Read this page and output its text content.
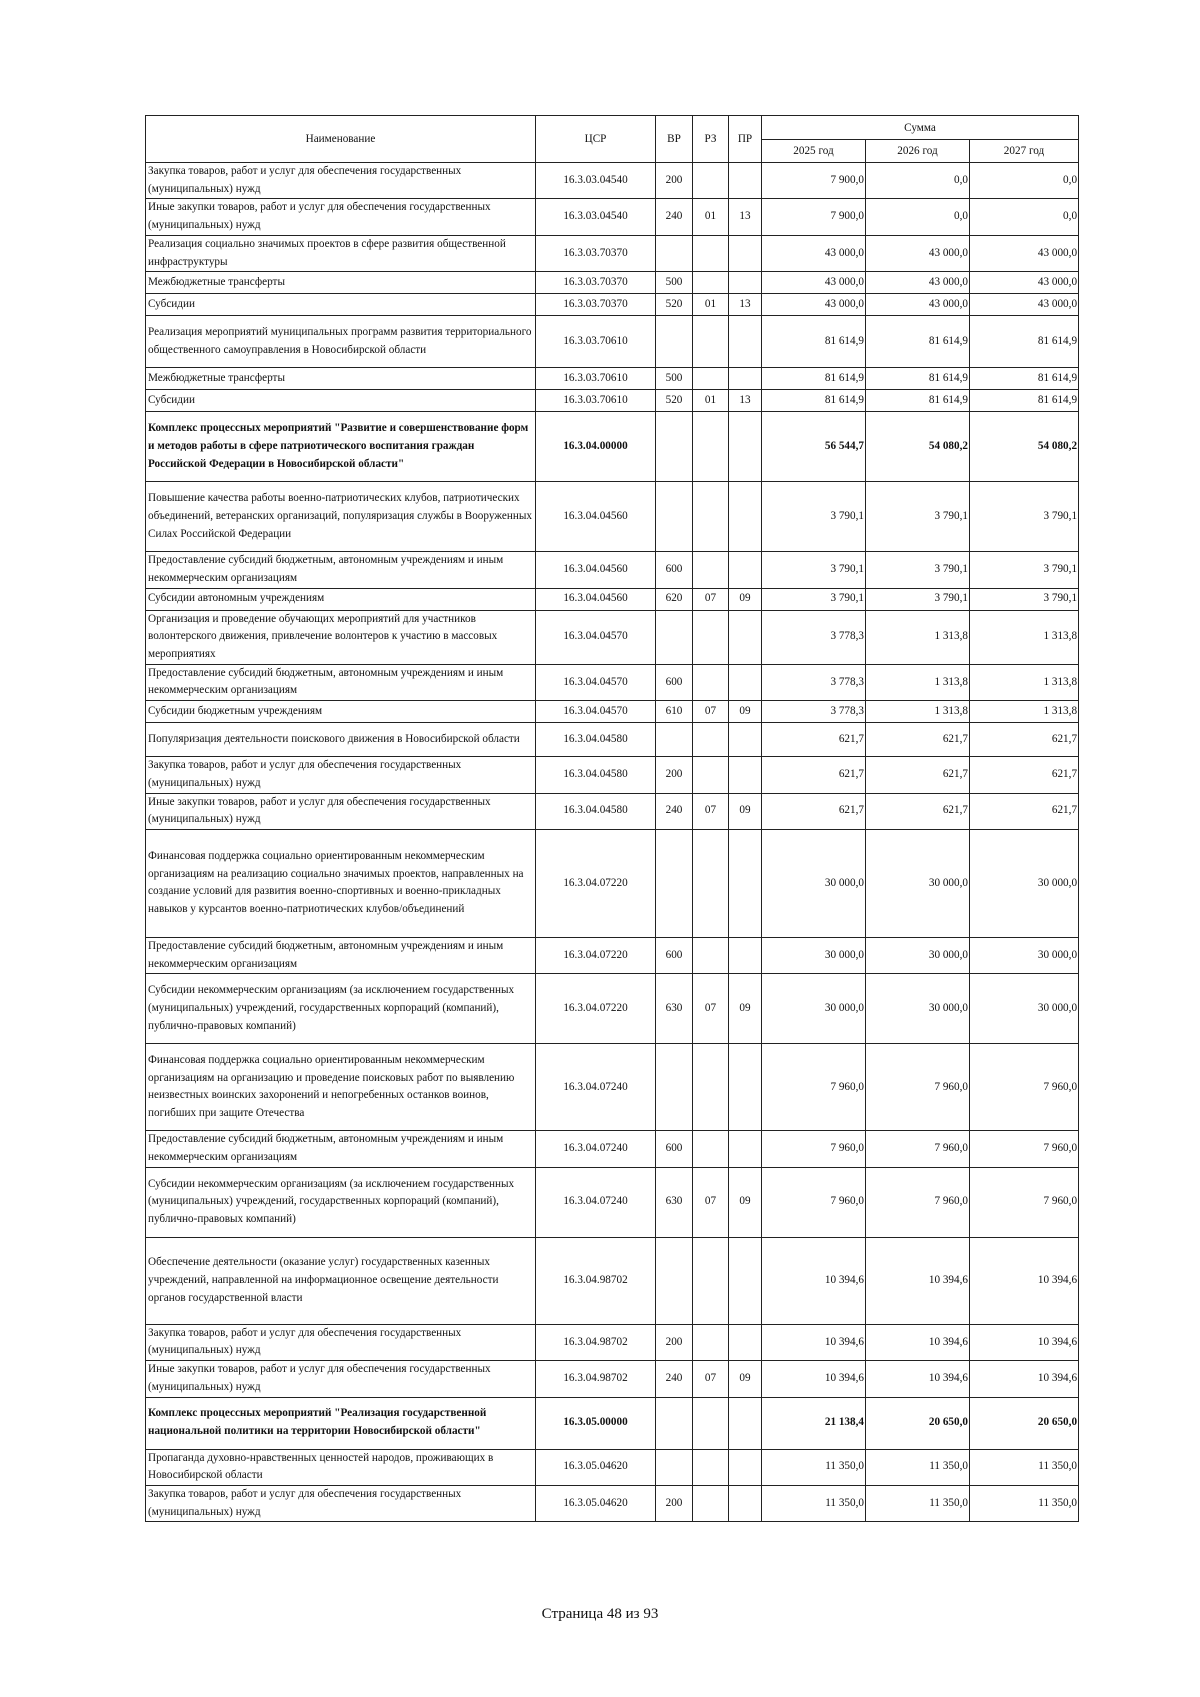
Наименование	ЦСР	ВР	РЗ	ПР	Сумма		
					2025 год	2026 год	2027 год
Закупка товаров, работ и услуг для обеспечения государственных (муниципальных) нужд	16.3.03.04540	200			7 900,0	0,0	0,0
Иные закупки товаров, работ и услуг для обеспечения государственных (муниципальных) нужд	16.3.03.04540	240	01	13	7 900,0	0,0	0,0
Реализация социально значимых проектов в сфере развития общественной инфраструктуры	16.3.03.70370				43 000,0	43 000,0	43 000,0
Межбюджетные трансферты	16.3.03.70370	500			43 000,0	43 000,0	43 000,0
Субсидии	16.3.03.70370	520	01	13	43 000,0	43 000,0	43 000,0
Реализация мероприятий муниципальных программ развития территориального общественного самоуправления в Новосибирской области	16.3.03.70610				81 614,9	81 614,9	81 614,9
Межбюджетные трансферты	16.3.03.70610	500			81 614,9	81 614,9	81 614,9
Субсидии	16.3.03.70610	520	01	13	81 614,9	81 614,9	81 614,9
Комплекс процессных мероприятий "Развитие и совершенствование форм и методов работы в сфере патриотического воспитания граждан Российской Федерации в Новосибирской области"	16.3.04.00000				56 544,7	54 080,2	54 080,2
Повышение качества работы военно-патриотических клубов, патриотических объединений, ветеранских организаций, популяризация службы в Вооруженных Силах Российской Федерации	16.3.04.04560				3 790,1	3 790,1	3 790,1
Предоставление субсидий бюджетным, автономным учреждениям и иным некоммерческим организациям	16.3.04.04560	600			3 790,1	3 790,1	3 790,1
Субсидии автономным учреждениям	16.3.04.04560	620	07	09	3 790,1	3 790,1	3 790,1
Организация и проведение обучающих мероприятий для участников волонтерского движения, привлечение волонтеров к участию в массовых мероприятиях	16.3.04.04570				3 778,3	1 313,8	1 313,8
Предоставление субсидий бюджетным, автономным учреждениям и иным некоммерческим организациям	16.3.04.04570	600			3 778,3	1 313,8	1 313,8
Субсидии бюджетным учреждениям	16.3.04.04570	610	07	09	3 778,3	1 313,8	1 313,8
Популяризация деятельности поискового движения в Новосибирской области	16.3.04.04580				621,7	621,7	621,7
Закупка товаров, работ и услуг для обеспечения государственных (муниципальных) нужд	16.3.04.04580	200			621,7	621,7	621,7
Иные закупки товаров, работ и услуг для обеспечения государственных (муниципальных) нужд	16.3.04.04580	240	07	09	621,7	621,7	621,7
Финансовая поддержка социально ориентированным некоммерческим организациям на реализацию социально значимых проектов, направленных на создание условий для развития военно-спортивных и военно-прикладных навыков у курсантов военно-патриотических клубов/объединений	16.3.04.07220				30 000,0	30 000,0	30 000,0
Предоставление субсидий бюджетным, автономным учреждениям и иным некоммерческим организациям	16.3.04.07220	600			30 000,0	30 000,0	30 000,0
Субсидии некоммерческим организациям (за исключением государственных (муниципальных) учреждений, государственных корпораций (компаний), публично-правовых компаний)	16.3.04.07220	630	07	09	30 000,0	30 000,0	30 000,0
Финансовая поддержка социально ориентированным некоммерческим организациям на организацию и проведение поисковых работ по выявлению неизвестных воинских захоронений и непогребенных останков воинов, погибших при защите Отечества	16.3.04.07240				7 960,0	7 960,0	7 960,0
Предоставление субсидий бюджетным, автономным учреждениям и иным некоммерческим организациям	16.3.04.07240	600			7 960,0	7 960,0	7 960,0
Субсидии некоммерческим организациям (за исключением государственных (муниципальных) учреждений, государственных корпораций (компаний), публично-правовых компаний)	16.3.04.07240	630	07	09	7 960,0	7 960,0	7 960,0
Обеспечение деятельности (оказание услуг) государственных казенных учреждений, направленной на информационное освещение деятельности органов государственной власти	16.3.04.98702				10 394,6	10 394,6	10 394,6
Закупка товаров, работ и услуг для обеспечения государственных (муниципальных) нужд	16.3.04.98702	200			10 394,6	10 394,6	10 394,6
Иные закупки товаров, работ и услуг для обеспечения государственных (муниципальных) нужд	16.3.04.98702	240	07	09	10 394,6	10 394,6	10 394,6
Комплекс процессных мероприятий "Реализация государственной национальной политики на территории Новосибирской области"	16.3.05.00000				21 138,4	20 650,0	20 650,0
Пропаганда духовно-нравственных ценностей народов, проживающих в Новосибирской области	16.3.05.04620				11 350,0	11 350,0	11 350,0
Закупка товаров, работ и услуг для обеспечения государственных (муниципальных) нужд	16.3.05.04620	200			11 350,0	11 350,0	11 350,0
Страница 48 из 93
